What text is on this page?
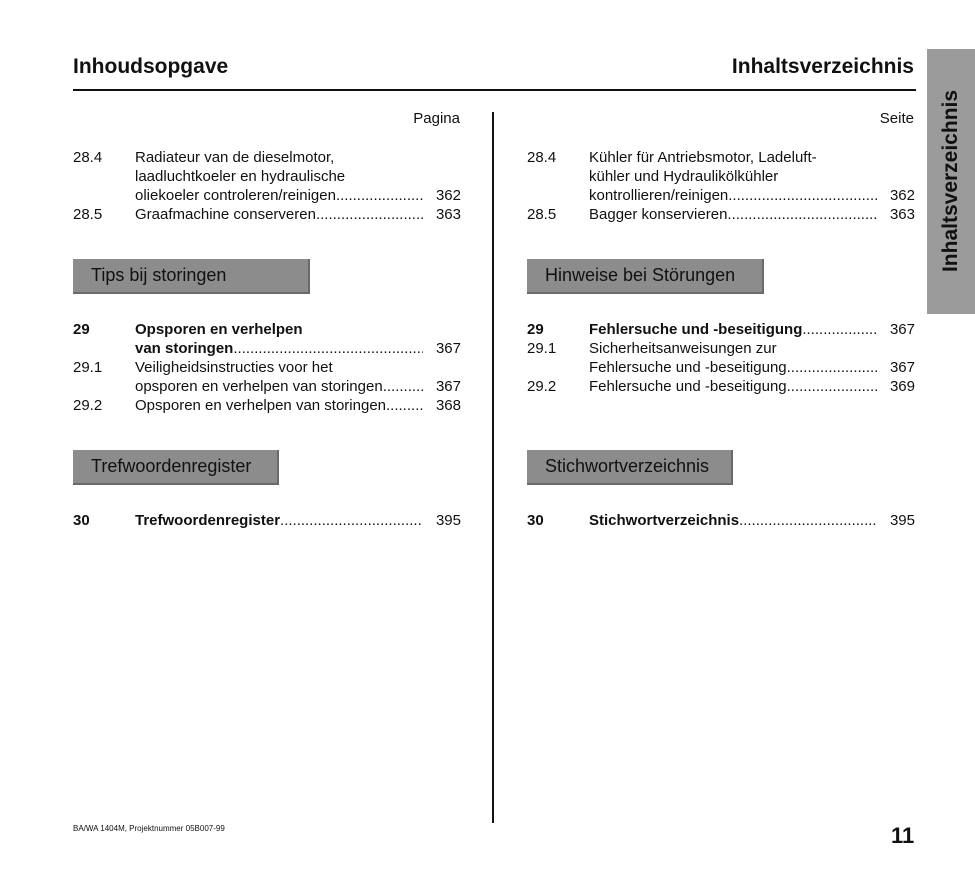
Inhoudsopgave	Inhaltsverzeichnis
Inhaltsverzeichnis
Pagina
28.4 Radiateur van de dieselmotor,
laadluchtkoeler en hydraulische
oliekoeler controleren/reinigen .....	362
28.5 Graafmachine conserveren .....	363
Tips bij storingen
29	Opsporen en verhelpen
van storingen .....	367
29.1 Veiligheidsinstructies voor het
opsporen en verhelpen van storingen .....	367
29.2 Opsporen en verhelpen van storingen .....	368
Trefwoordenregister
30	Trefwoordenregister .....	395
Seite
28.4 Kühler für Antriebsmotor, Ladeluft-
kühler und Hydraulikölkühler
kontrollieren/reinigen .....	362
28.5 Bagger konservieren .....	363
Hinweise bei Störungen
29	Fehlersuche und -beseitigung .....	367
29.1 Sicherheitsanweisungen zur
Fehlersuche und -beseitigung .....	367
29.2 Fehlersuche und -beseitigung .....	369
Stichwortverzeichnis
30	Stichwortverzeichnis .....	395
BA/WA 1404M, Projektnummer 05B007-99	11
